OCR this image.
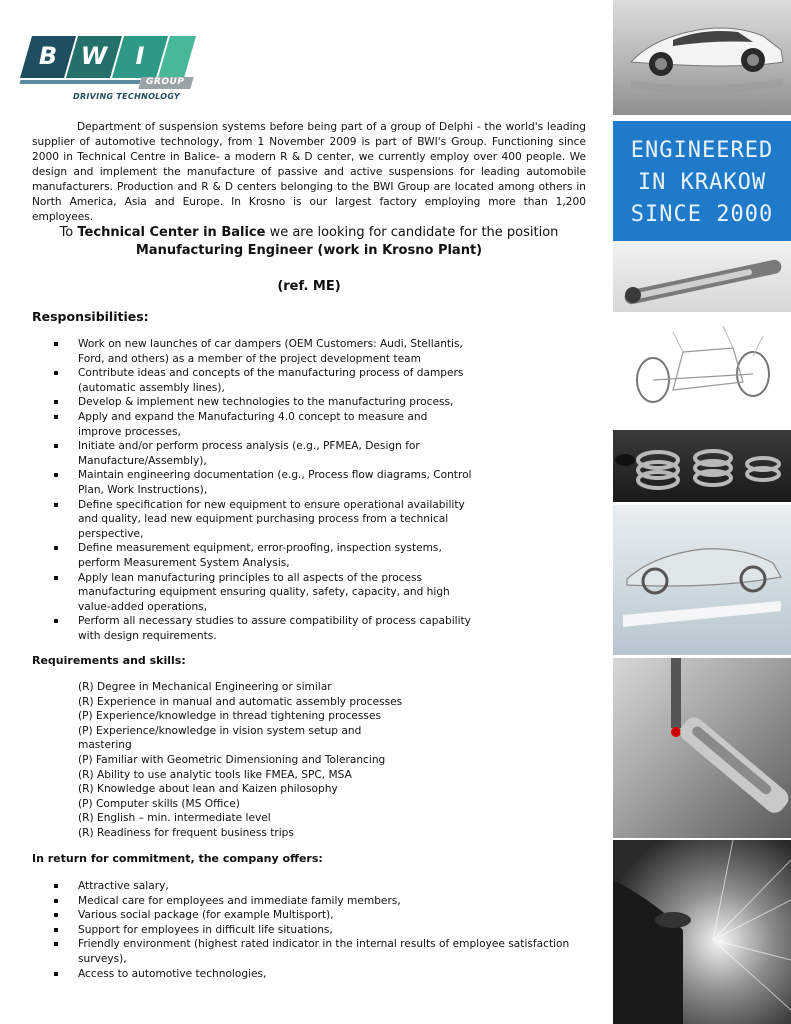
B W	I
GROUP
DRIVING TECHNOLOGY

Department of suspension systems before being part of a group of Delphi - the world's leading supplier of automotive technology, from 1 November 2009 is part of BWI's Group. Functioning since 2000 in Technical Centre in Balice- a modern R & D center, we currently employ over 400 people. We design and implement the manufacture of passive and active suspensions for leading automobile manufacturers. Production and R & D centers belonging to the BWI Group are located among others in North America, Asia and Europe. In Krosno is our largest factory employing more than 1,200 employees.

To Technical Center in Balice we are looking for candidate for the position

Manufacturing Engineer (work in Krosno Plant)

(ref. ME)

Responsibilities:

Work on new launches of car dampers (OEM Customers: Audi, Stellantis, Ford, and others) as a member of the project development team
Contribute ideas and concepts of the manufacturing process of dampers (automatic assembly lines),
Develop & implement new technologies to the manufacturing process,
Apply and expand the Manufacturing 4.0 concept to measure and improve processes,
Initiate and/or perform process analysis (e.g., PFMEA, Design for Manufacture/Assembly),
Maintain engineering documentation (e.g., Process flow diagrams, Control Plan, Work Instructions),
Define specification for new equipment to ensure operational availability and quality, lead new equipment purchasing process from a technical perspective,
Define measurement equipment, error-proofing, inspection systems, perform Measurement System Analysis,
Apply lean manufacturing principles to all aspects of the process manufacturing equipment ensuring quality, safety, capacity, and high value-added operations,
Perform all necessary studies to assure compatibility of process capability with design requirements.

Requirements and skills:

(R) Degree in Mechanical Engineering or similar
(R) Experience in manual and automatic assembly processes
(P) Experience/knowledge in thread tightening processes
(P) Experience/knowledge in vision system setup and mastering
(P) Familiar with Geometric Dimensioning and Tolerancing
(R) Ability to use analytic tools like FMEA, SPC, MSA
(R) Knowledge about lean and Kaizen philosophy
(P) Computer skills (MS Office)
(R) English – min. intermediate level
(R) Readiness for frequent business trips

In return for commitment, the company offers:

Attractive salary,
Medical care for employees and immediate family members,
Various social package (for example Multisport),
Support for employees in difficult life situations,
Friendly environment (highest rated indicator in the internal results of employee satisfaction surveys),
Access to automotive technologies,
ENGINEERED
IN KRAKOW
SINCE 2000
